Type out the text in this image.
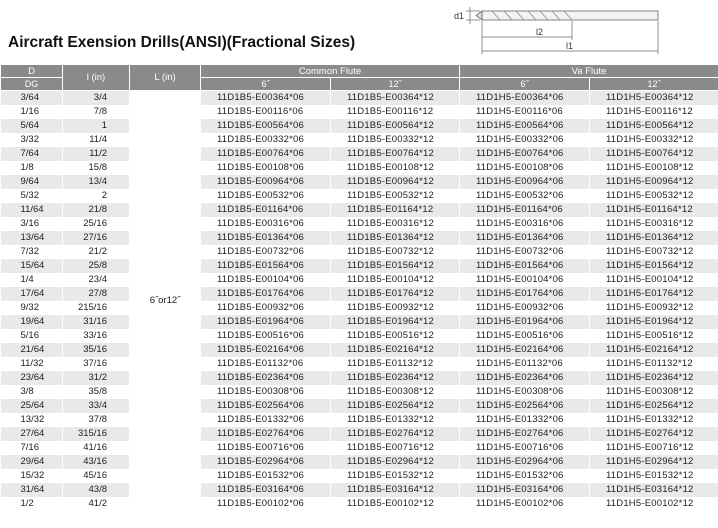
Aircraft Exension Drills(ANSI)(Fractional Sizes)
d1
l2
l1
D	l (in)	L (in)	Common Flute		Va Flute	
DG			6˝	12˝	6˝	12˝
3/64	3/4	6˝or12˝	11D1B5-E00364*06	11D1B5-E00364*12	11D1H5-E00364*06	11D1H5-E00364*12
1/16	7/8		11D1B5-E00116*06	11D1B5-E00116*12	11D1H5-E00116*06	11D1H5-E00116*12
5/64	1		11D1B5-E00564*06	11D1B5-E00564*12	11D1H5-E00564*06	11D1H5-E00564*12
3/32	11/4		11D1B5-E00332*06	11D1B5-E00332*12	11D1H5-E00332*06	11D1H5-E00332*12
7/64	11/2		11D1B5-E00764*06	11D1B5-E00764*12	11D1H5-E00764*06	11D1H5-E00764*12
1/8	15/8		11D1B5-E00108*06	11D1B5-E00108*12	11D1H5-E00108*06	11D1H5-E00108*12
9/64	13/4		11D1B5-E00964*06	11D1B5-E00964*12	11D1H5-E00964*06	11D1H5-E00964*12
5/32	2		11D1B5-E00532*06	11D1B5-E00532*12	11D1H5-E00532*06	11D1H5-E00532*12
11/64	21/8		11D1B5-E01164*06	11D1B5-E01164*12	11D1H5-E01164*06	11D1H5-E01164*12
3/16	25/16		11D1B5-E00316*06	11D1B5-E00316*12	11D1H5-E00316*06	11D1H5-E00316*12
13/64	27/16		11D1B5-E01364*06	11D1B5-E01364*12	11D1H5-E01364*06	11D1H5-E01364*12
7/32	21/2		11D1B5-E00732*06	11D1B5-E00732*12	11D1H5-E00732*06	11D1H5-E00732*12
15/64	25/8		11D1B5-E01564*06	11D1B5-E01564*12	11D1H5-E01564*06	11D1H5-E01564*12
1/4	23/4		11D1B5-E00104*06	11D1B5-E00104*12	11D1H5-E00104*06	11D1H5-E00104*12
17/64	27/8		11D1B5-E01764*06	11D1B5-E01764*12	11D1H5-E01764*06	11D1H5-E01764*12
9/32	215/16		11D1B5-E00932*06	11D1B5-E00932*12	11D1H5-E00932*06	11D1H5-E00932*12
19/64	31/16		11D1B5-E01964*06	11D1B5-E01964*12	11D1H5-E01964*06	11D1H5-E01964*12
5/16	33/16		11D1B5-E00516*06	11D1B5-E00516*12	11D1H5-E00516*06	11D1H5-E00516*12
21/64	35/16		11D1B5-E02164*06	11D1B5-E02164*12	11D1H5-E02164*06	11D1H5-E02164*12
11/32	37/16		11D1B5-E01132*06	11D1B5-E01132*12	11D1H5-E01132*06	11D1H5-E01132*12
23/64	31/2		11D1B5-E02364*06	11D1B5-E02364*12	11D1H5-E02364*06	11D1H5-E02364*12
3/8	35/8		11D1B5-E00308*06	11D1B5-E00308*12	11D1H5-E00308*06	11D1H5-E00308*12
25/64	33/4		11D1B5-E02564*06	11D1B5-E02564*12	11D1H5-E02564*06	11D1H5-E02564*12
13/32	37/8		11D1B5-E01332*06	11D1B5-E01332*12	11D1H5-E01332*06	11D1H5-E01332*12
27/64	315/16		11D1B5-E02764*06	11D1B5-E02764*12	11D1H5-E02764*06	11D1H5-E02764*12
7/16	41/16		11D1B5-E00716*06	11D1B5-E00716*12	11D1H5-E00716*06	11D1H5-E00716*12
29/64	43/16		11D1B5-E02964*06	11D1B5-E02964*12	11D1H5-E02964*06	11D1H5-E02964*12
15/32	45/16		11D1B5-E01532*06	11D1B5-E01532*12	11D1H5-E01532*06	11D1H5-E01532*12
31/64	43/8		11D1B5-E03164*06	11D1B5-E03164*12	11D1H5-E03164*06	11D1H5-E03164*12
1/2	41/2		11D1B5-E00102*06	11D1B5-E00102*12	11D1H5-E00102*06	11D1H5-E00102*12
